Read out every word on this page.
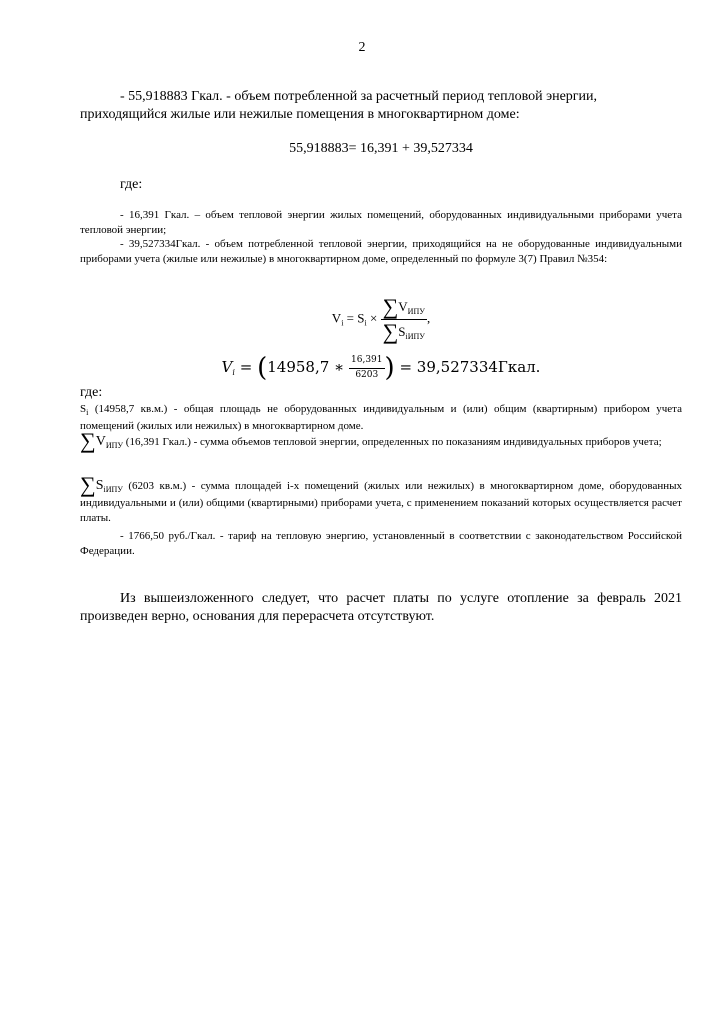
2
- 55,918883 Гкал. - объем потребленной за расчетный период тепловой энергии,
приходящийся жилые или нежилые помещения в многоквартирном доме:
55,918883= 16,391 + 39,527334
где:
- 16,391 Гкал. – объем тепловой энергии жилых помещений, оборудованных индивидуальными приборами учета тепловой энергии;
- 39,527334Гкал. - объем потребленной тепловой энергии, приходящийся на не оборудованные индивидуальными приборами учета (жилые или нежилые) в многоквартирном доме, определенный по формуле 3(7) Правил №354:
$V_i = S_i \times \frac{\sum V_{ИПУ}}{\sum S_{iИПУ}}$ ,
$V_i = (14958,7$ ∗ $\frac{16,391}{6203}$ ) = 39,527334Гкал.
где:
$S_i$ (14958,7 кв.м.) - общая площадь не оборудованных индивидуальным и (или) общим (квартирным) прибором учета помещений (жилых или нежилых) в многоквартирном доме.
$\sum V_{ИПУ}$ (16,391 Гкал.) - сумма объемов тепловой энергии, определенных по показаниям индивидуальных приборов учета;
$\sum S_{iИПУ}$ (6203 кв.м.) - сумма площадей i-х помещений (жилых или нежилых) в многоквартирном доме, оборудованных индивидуальными и (или) общими (квартирными) приборами учета, с применением показаний которых осуществляется расчет платы.
- 1766,50 руб./Гкал. - тариф на тепловую энергию, установленный в соответствии с законодательством Российской Федерации.
Из вышеизложенного следует, что расчет платы по услуге отопление за февраль 2021 произведен верно, основания для перерасчета отсутствуют.
